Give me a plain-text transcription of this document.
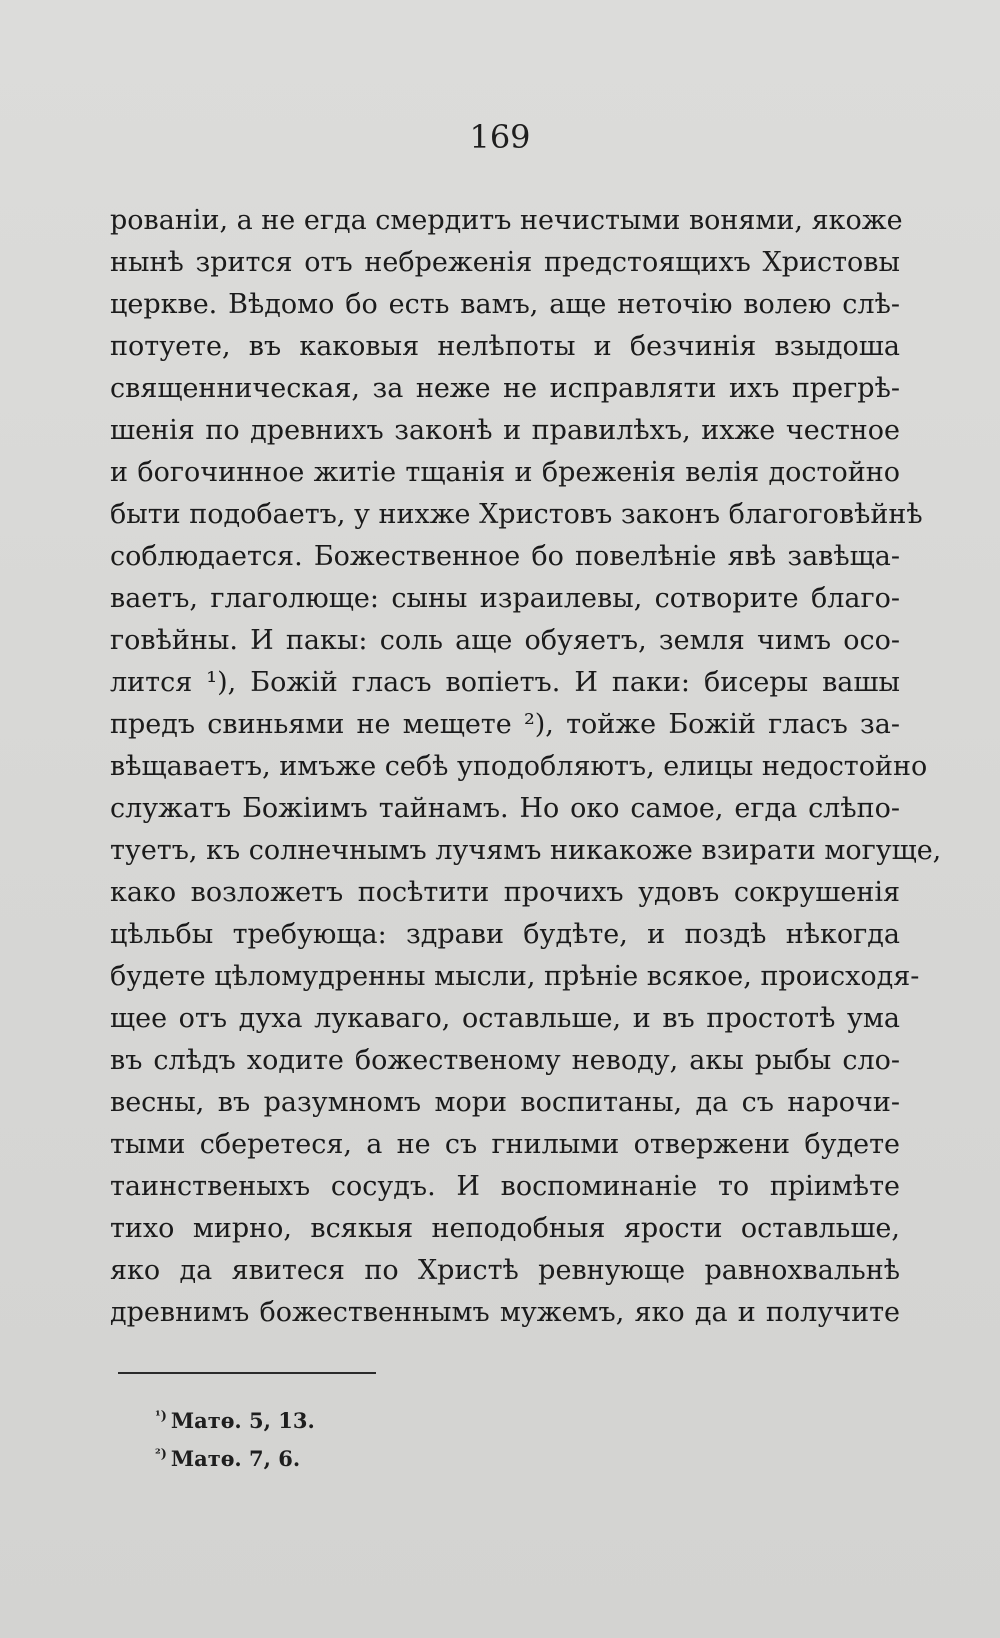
169
рованіи, а не егда смердитъ нечистыми вонями, якоже
нынѣ зрится отъ небреженія предстоящихъ Христовы
церкве. Вѣдомо бо есть вамъ, аще неточію волею слѣ-
потуете, въ каковыя нелѣпоты и безчинія взыдоша
священническая, за неже не исправляти ихъ прегрѣ-
шенія по древнихъ законѣ и правилѣхъ, ихже честное
и богочинное житіе тщанія и бреженія велія достойно
быти подобаетъ, у нихже Христовъ законъ благоговѣйнѣ
соблюдается. Божественное бо повелѣніе явѣ завѣща-
ваетъ, глаголюще: сыны израилевы, сотворите благо-
говѣйны. И пакы: соль аще обуяетъ, земля чимъ осо-
лится ¹), Божій гласъ вопіетъ. И паки: бисеры вашы
предъ свиньями не мещете ²), тойже Божій гласъ за-
вѣщаваетъ, имъже себѣ уподобляютъ, елицы недостойно
служатъ Божіимъ тайнамъ. Но око самое, егда слѣпо-
туетъ, къ солнечнымъ лучямъ никакоже взирати могуще,
како возложетъ посѣтити прочихъ удовъ сокрушенія
цѣльбы требующа: здрави будѣте, и поздѣ нѣкогда
будете цѣломудренны мысли, прѣніе всякое, происходя-
щее отъ духа лукаваго, оставльше, и въ простотѣ ума
въ слѣдъ ходите божественому неводу, акы рыбы сло-
весны, въ разумномъ мори воспитаны, да съ нарочи-
тыми сберетеся, а не съ гнилыми отвержени будете
таинственыхъ сосудъ. И воспоминаніе то пріимѣте
тихо мирно, всякыя неподобныя ярости оставльше,
яко да явитеся по Христѣ ревнующе равнохвальнѣ
древнимъ божественнымъ мужемъ, яко да и получите
$^{^1)}$ Матѳ. 5, 13.
$^{^2)}$ Матѳ. 7, 6.
